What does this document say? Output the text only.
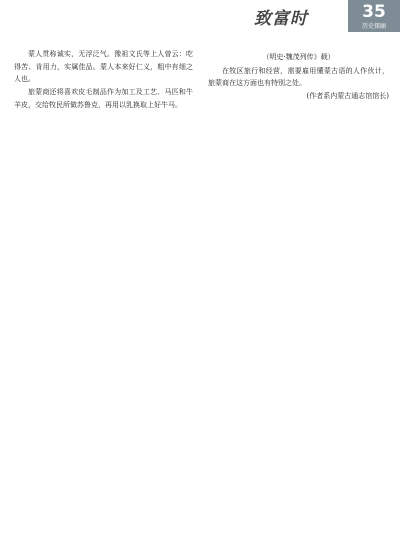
致富时	35
历史探幽

蒙人贯称诚实，无浮泛气。豫祖文氏等上人曾云：吃得苦、肯用力，实属佳品。蒙人本来好仁义，粗中有细之人也。

旅蒙商还将喜欢皮毛制品作为加工及工艺、马匹和牛羊皮，交给牧民所做苏鲁克，再用以乳换取上好牛马。

（明史·魏茂列传》载）

在牧区旅行和经营，需要雇用懂蒙古语的人作伙计，旅蒙商在这方面也有特别之处。

(作者系内蒙古通志馆馆长)
